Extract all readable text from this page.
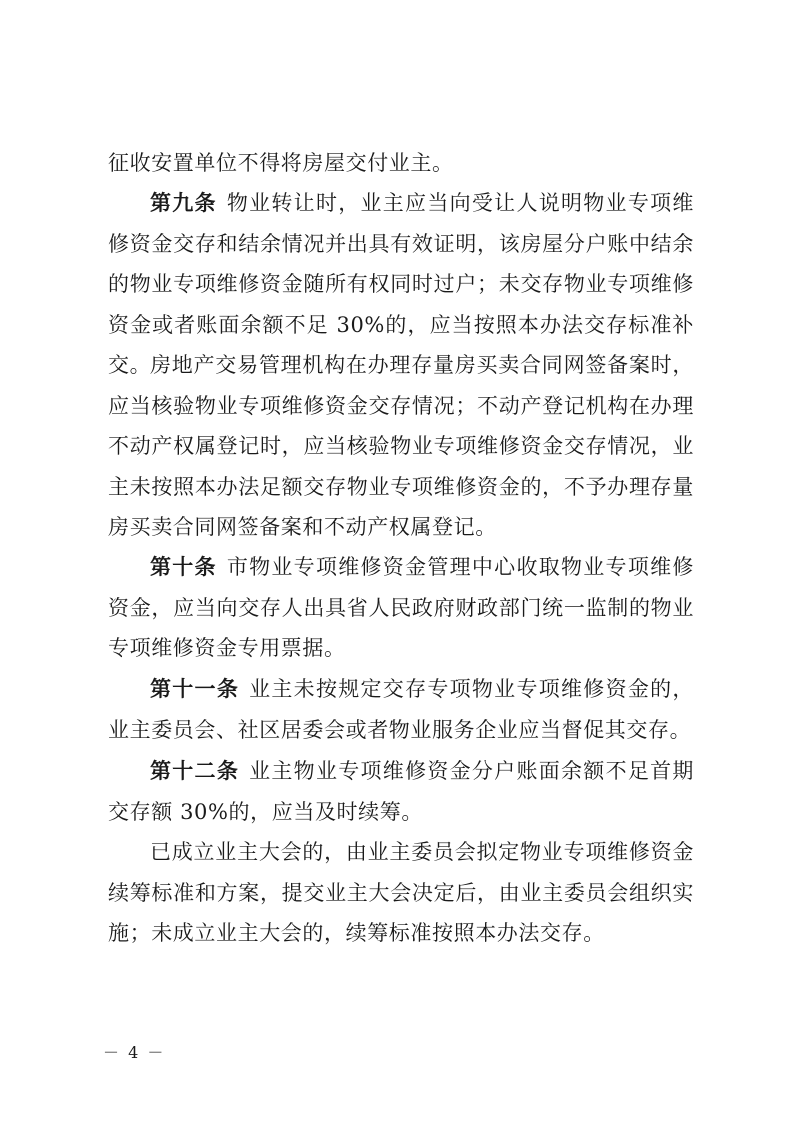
征收安置单位不得将房屋交付业主。

第九条 物业转让时，业主应当向受让人说明物业专项维修资金交存和结余情况并出具有效证明，该房屋分户账中结余的物业专项维修资金随所有权同时过户；未交存物业专项维修资金或者账面余额不足 30%的，应当按照本办法交存标准补交。

房地产交易管理机构在办理存量房买卖合同网签备案时，应当核验物业专项维修资金交存情况；不动产登记机构在办理不动产权属登记时，应当核验物业专项维修资金交存情况，业主未按照本办法足额交存物业专项维修资金的，不予办理存量房买卖合同网签备案和不动产权属登记。

第十条 市物业专项维修资金管理中心收取物业专项维修资金，应当向交存人出具省人民政府财政部门统一监制的物业专项维修资金专用票据。

第十一条 业主未按规定交存专项物业专项维修资金的，业主委员会、社区居委会或者物业服务企业应当督促其交存。

第十二条 业主物业专项维修资金分户账面余额不足首期交存额 30%的，应当及时续筹。

已成立业主大会的，由业主委员会拟定物业专项维修资金续筹标准和方案，提交业主大会决定后，由业主委员会组织实施；未成立业主大会的，续筹标准按照本办法交存。

－ 4 －
